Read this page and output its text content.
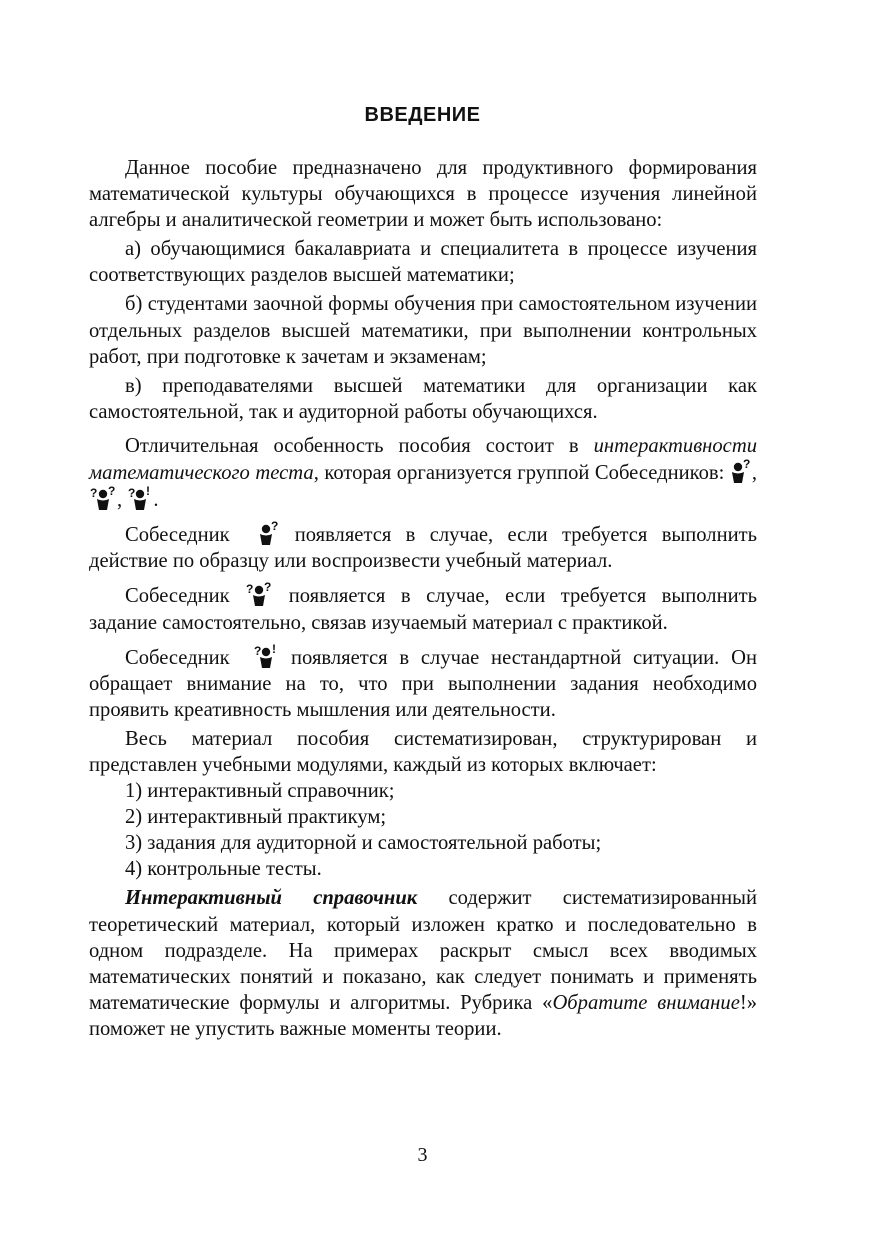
ВВЕДЕНИЕ

Данное пособие предназначено для продуктивного формирования математической культуры обучающихся в процессе изучения линейной алгебры и аналитической геометрии и может быть использовано:

а) обучающимися бакалавриата и специалитета в процессе изучения соответствующих разделов высшей математики;

б) студентами заочной формы обучения при самостоятельном изучении отдельных разделов высшей математики, при выполнении контрольных работ, при подготовке к зачетам и экзаменам;

в) преподавателями высшей математики для организации как самостоятельной, так и аудиторной работы обучающихся.

Отличительная особенность пособия состоит в интерактивности математического теста, которая организуется группой Собеседников: ? ,
? ? , ? ! .

Собеседник	? появляется в случае, если требуется выполнить действие по образцу или воспроизвести учебный материал.

Собеседник ? ? появляется в случае, если требуется выполнить задание самостоятельно, связав изучаемый материал с практикой.

Собеседник ? ! появляется в случае нестандартной ситуации. Он обращает внимание на то, что при выполнении задания необходимо проявить креативность мышления или деятельности.

Весь материал пособия систематизирован, структурирован и представлен учебными модулями, каждый из которых включает:

1) интерактивный справочник;

2) интерактивный практикум;

3) задания для аудиторной и самостоятельной работы;

4) контрольные тесты.

Интерактивный справочник содержит систематизированный теоретический материал, который изложен кратко и последовательно в одном подразделе. На примерах раскрыт смысл всех вводимых математических понятий и показано, как следует понимать и применять математические формулы и алгоритмы. Рубрика «Обратите внимание!» поможет не упустить важные моменты теории.

3
